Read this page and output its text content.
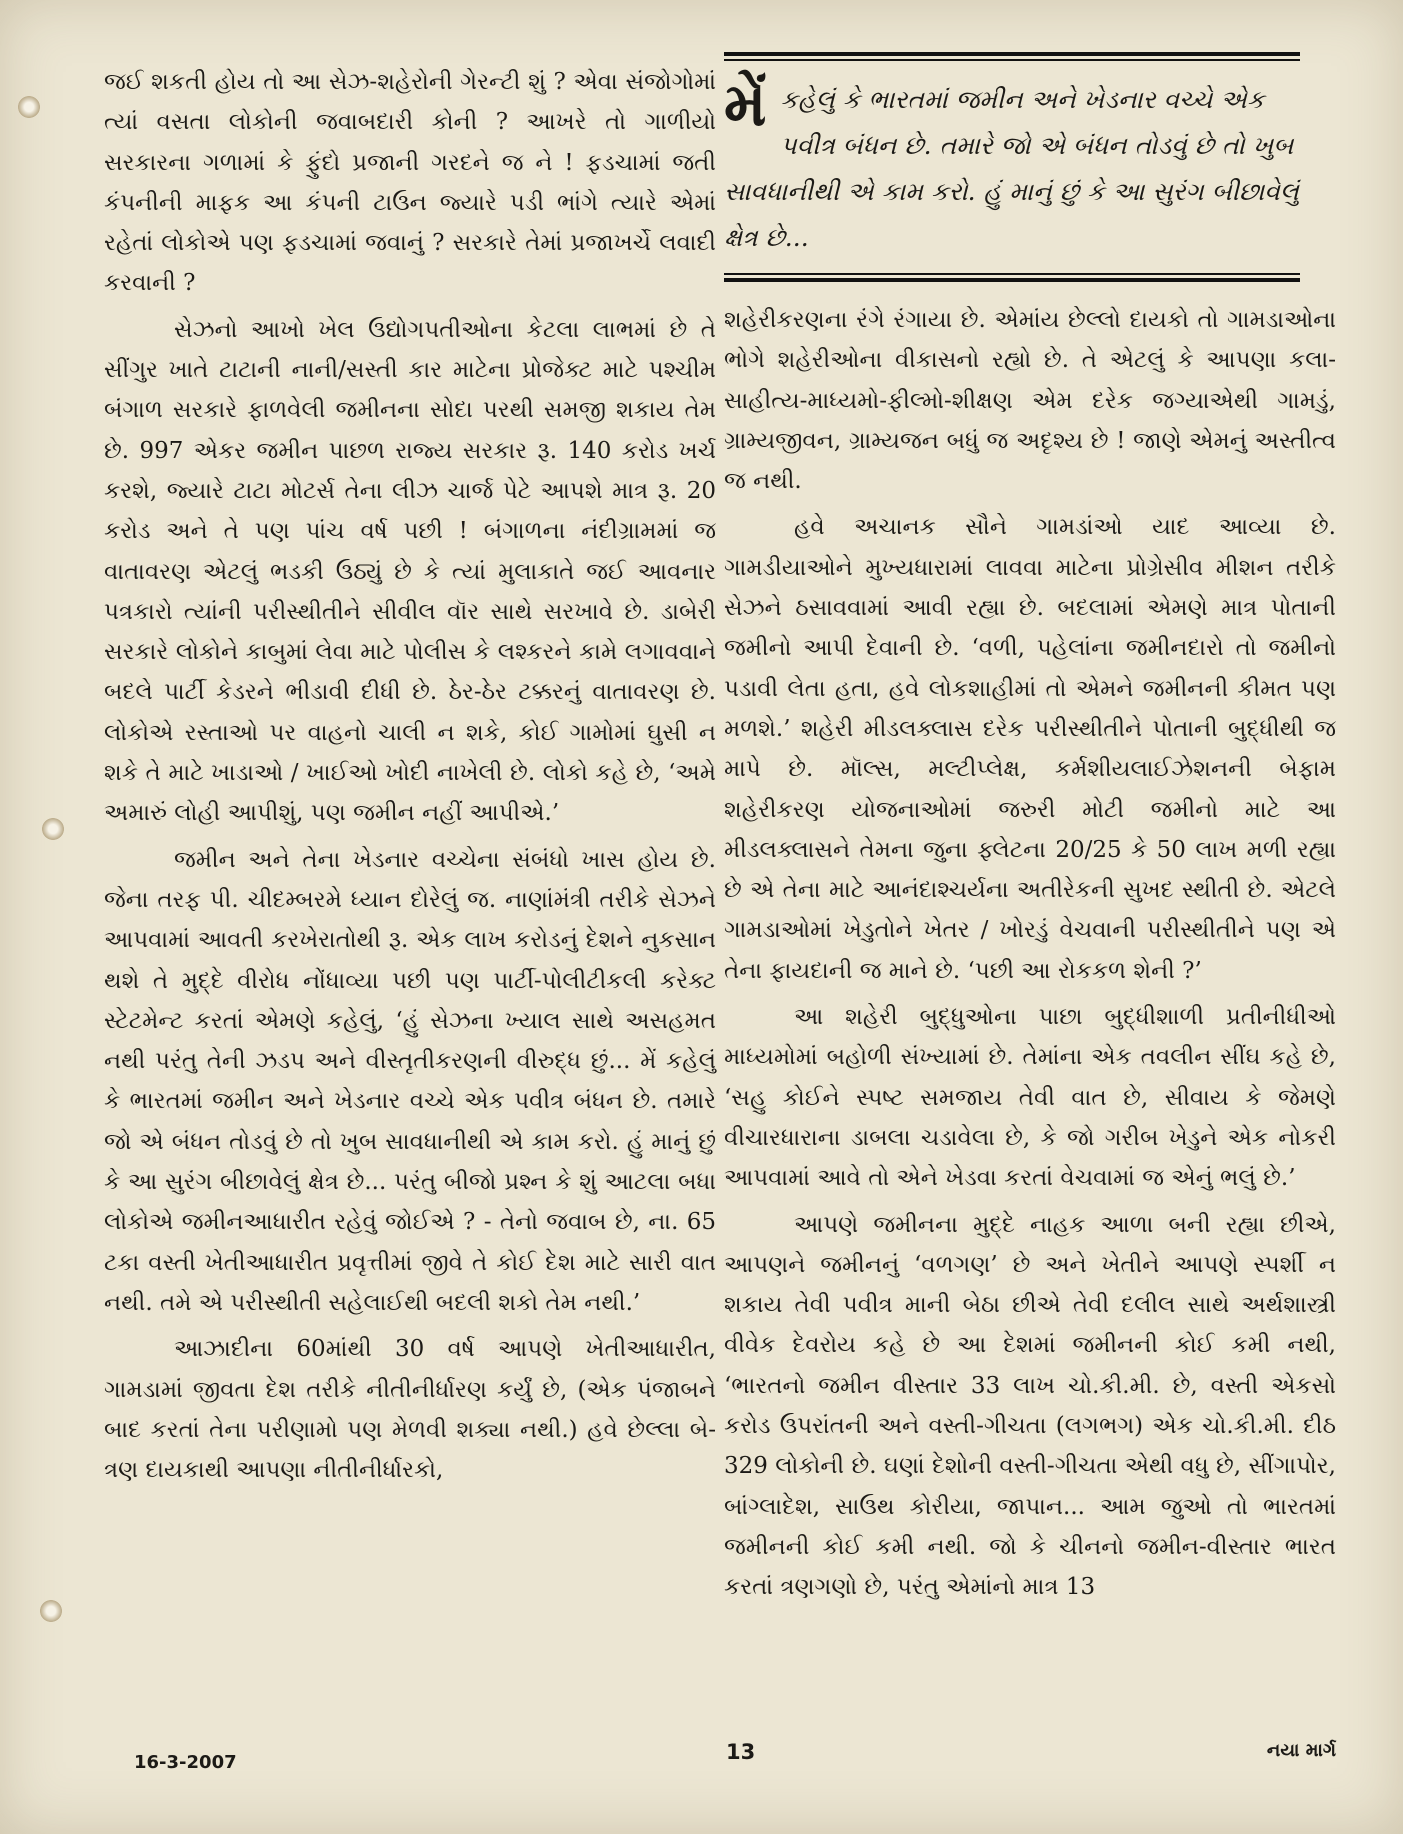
જઈ શકતી હોય તો આ સેઝ-શહેરોની ગેરન્ટી શું ? એવા સંજોગોમાં ત્યાં વસતા લોકોની જવાબદારી કોની ? આખરે તો ગાળીયો સરકારના ગળામાં કે ફુંદો પ્રજાની ગરદને જ ને ! ફડચામાં જતી કંપનીની માફક આ કંપની ટાઉન જ્યારે પડી ભાંગે ત્યારે એમાં રહેતાં લોકોએ પણ ફડચામાં જવાનું ? સરકારે તેમાં પ્રજાખર્ચે લવાદી કરવાની ?

સેઝનો આખો ખેલ ઉદ્યોગપતીઓના કેટલા લાભમાં છે તે સીંગુર ખાતે ટાટાની નાની/સસ્તી કાર માટેના પ્રોજેક્ટ માટે પશ્ચીમ બંગાળ સરકારે ફાળવેલી જમીનના સોદા પરથી સમજી શકાય તેમ છે. 997 એકર જમીન પાછળ રાજ્ય સરકાર રૂ. 140 કરોડ ખર્ચ કરશે, જ્યારે ટાટા મોટર્સ તેના લીઝ ચાર્જ પેટે આપશે માત્ર રૂ. 20 કરોડ અને તે પણ પાંચ વર્ષ પછી ! બંગાળના નંદીગ્રામમાં જ વાતાવરણ એટલું ભડકી ઉઠ્યું છે કે ત્યાં મુલાકાતે જઈ આવનાર પત્રકારો ત્યાંની પરીસ્થીતીને સીવીલ વૉર સાથે સરખાવે છે. ડાબેરી સરકારે લોકોને કાબુમાં લેવા માટે પોલીસ કે લશ્કરને કામે લગાવવાને બદલે પાર્ટી કેડરને ભીડાવી દીધી છે. ઠેર-ઠેર ટક્કરનું વાતાવરણ છે. લોકોએ રસ્તાઓ પર વાહનો ચાલી ન શકે, કોઈ ગામોમાં ઘુસી ન શકે તે માટે ખાડાઓ / ખાઈઓ ખોદી નાખેલી છે. લોકો કહે છે, ‘અમે અમારું લોહી આપીશું, પણ જમીન નહીં આપીએ.’

જમીન અને તેના ખેડનાર વચ્ચેના સંબંધો ખાસ હોય છે. જેના તરફ પી. ચીદમ્બરમે ધ્યાન દોરેલું જ. નાણાંમંત્રી તરીકે સેઝને આપવામાં આવતી કરખેરાતોથી રૂ. એક લાખ કરોડનું દેશને નુકસાન થશે તે મુદ્દે વીરોધ નોંધાવ્યા પછી પણ પાર્ટી-પોલીટીકલી કરેક્ટ સ્ટેટમેન્ટ કરતાં એમણે કહેલું, ‘હું સેઝના ખ્યાલ સાથે અસહમત નથી પરંતુ તેની ઝડપ અને વીસ્તૃતીકરણની વીરુદ્ધ છું... મેં કહેલું કે ભારતમાં જમીન અને ખેડનાર વચ્ચે એક પવીત્ર બંધન છે. તમારે જો એ બંધન તોડવું છે તો ખુબ સાવધાનીથી એ કામ કરો. હું માનું છું કે આ સુરંગ બીછાવેલું ક્ષેત્ર છે... પરંતુ બીજો પ્રશ્ન કે શું આટલા બધા લોકોએ જમીનઆધારીત રહેવું જોઈએ ? - તેનો જવાબ છે, ના. 65 ટકા વસ્તી ખેતીઆધારીત પ્રવૃત્તીમાં જીવે તે કોઈ દેશ માટે સારી વાત નથી. તમે એ પરીસ્થીતી સહેલાઈથી બદલી શકો તેમ નથી.’

આઝાદીના 60માંથી 30 વર્ષ આપણે ખેતીઆધારીત, ગામડામાં જીવતા દેશ તરીકે નીતીનીર્ધારણ કર્યું છે, (એક પંજાબને બાદ કરતાં તેના પરીણામો પણ મેળવી શક્યા નથી.) હવે છેલ્લા બે-ત્રણ દાયકાથી આપણા નીતીનીર્ધારકો,

મેં કહેલું કે ભારતમાં જમીન અને ખેડનાર વચ્ચે એક પવીત્ર બંધન છે. તમારે જો એ બંધન તોડવું છે તો ખુબ સાવધાનીથી એ કામ કરો. હું માનું છું કે આ સુરંગ બીછાવેલું ક્ષેત્ર છે...

શહેરીકરણના રંગે રંગાયા છે. એમાંય છેલ્લો દાયકો તો ગામડાઓના ભોગે શહેરીઓના વીકાસનો રહ્યો છે. તે એટલું કે આપણા કલા-સાહીત્ય-માધ્યમો-ફીલ્મો-શીક્ષણ એમ દરેક જગ્યાએથી ગામડું, ગ્રામ્યજીવન, ગ્રામ્યજન બધું જ અદૃશ્ય છે ! જાણે એમનું અસ્તીત્વ જ નથી.

હવે અચાનક સૌને ગામડાંઓ યાદ આવ્યા છે. ગામડીયાઓને મુખ્યધારામાં લાવવા માટેના પ્રોગ્રેસીવ મીશન તરીકે સેઝને ઠસાવવામાં આવી રહ્યા છે. બદલામાં એમણે માત્ર પોતાની જમીનો આપી દેવાની છે. ‘વળી, પહેલાંના જમીનદારો તો જમીનો પડાવી લેતા હતા, હવે લોકશાહીમાં તો એમને જમીનની કીમત પણ મળશે.’ શહેરી મીડલક્લાસ દરેક પરીસ્થીતીને પોતાની બુદ્ધીથી જ માપે છે. મૉલ્સ, મલ્ટીપ્લેક્ષ, કર્મશીયલાઈઝેશનની બેફામ શહેરીકરણ યોજનાઓમાં જરુરી મોટી જમીનો માટે આ મીડલક્લાસને તેમના જુના ફ્લેટના 20/25 કે 50 લાખ મળી રહ્યા છે એ તેના માટે આનંદાશ્ચર્યના અતીરેકની સુખદ સ્થીતી છે. એટલે ગામડાઓમાં ખેડુતોને ખેતર / ખોરડું વેચવાની પરીસ્થીતીને પણ એ તેના ફાયદાની જ માને છે. ‘પછી આ રોકકળ શેની ?’

આ શહેરી બુદ્ધુઓના પાછા બુદ્ધીશાળી પ્રતીનીધીઓ માધ્યમોમાં બહોળી સંખ્યામાં છે. તેમાંના એક તવલીન સીંઘ કહે છે, ‘સહુ કોઈને સ્પષ્ટ સમજાય તેવી વાત છે, સીવાય કે જેમણે વીચારધારાના ડાબલા ચડાવેલા છે, કે જો ગરીબ ખેડુને એક નોકરી આપવામાં આવે તો એને ખેડવા કરતાં વેચવામાં જ એનું ભલું છે.’

આપણે જમીનના મુદ્દે નાહક આળા બની રહ્યા છીએ, આપણને જમીનનું ‘વળગણ’ છે અને ખેતીને આપણે સ્પર્શી ન શકાય તેવી પવીત્ર માની બેઠા છીએ તેવી દલીલ સાથે અર્થશાસ્ત્રી વીવેક દેવરોય કહે છે આ દેશમાં જમીનની કોઈ કમી નથી, ‘ભારતનો જમીન વીસ્તાર 33 લાખ ચો.કી.મી. છે, વસ્તી એકસો કરોડ ઉપરાંતની અને વસ્તી-ગીચતા (લગભગ) એક ચો.કી.મી. દીઠ 329 લોકોની છે. ઘણાં દેશોની વસ્તી-ગીચતા એથી વધુ છે, સીંગાપોર, બાંગ્લાદેશ, સાઉથ કોરીયા, જાપાન... આમ જુઓ તો ભારતમાં જમીનની કોઈ કમી નથી. જો કે ચીનનો જમીન-વીસ્તાર ભારત કરતાં ત્રણગણો છે, પરંતુ એમાંનો માત્ર 13

16-3-2007	13	નયા માર્ગ
